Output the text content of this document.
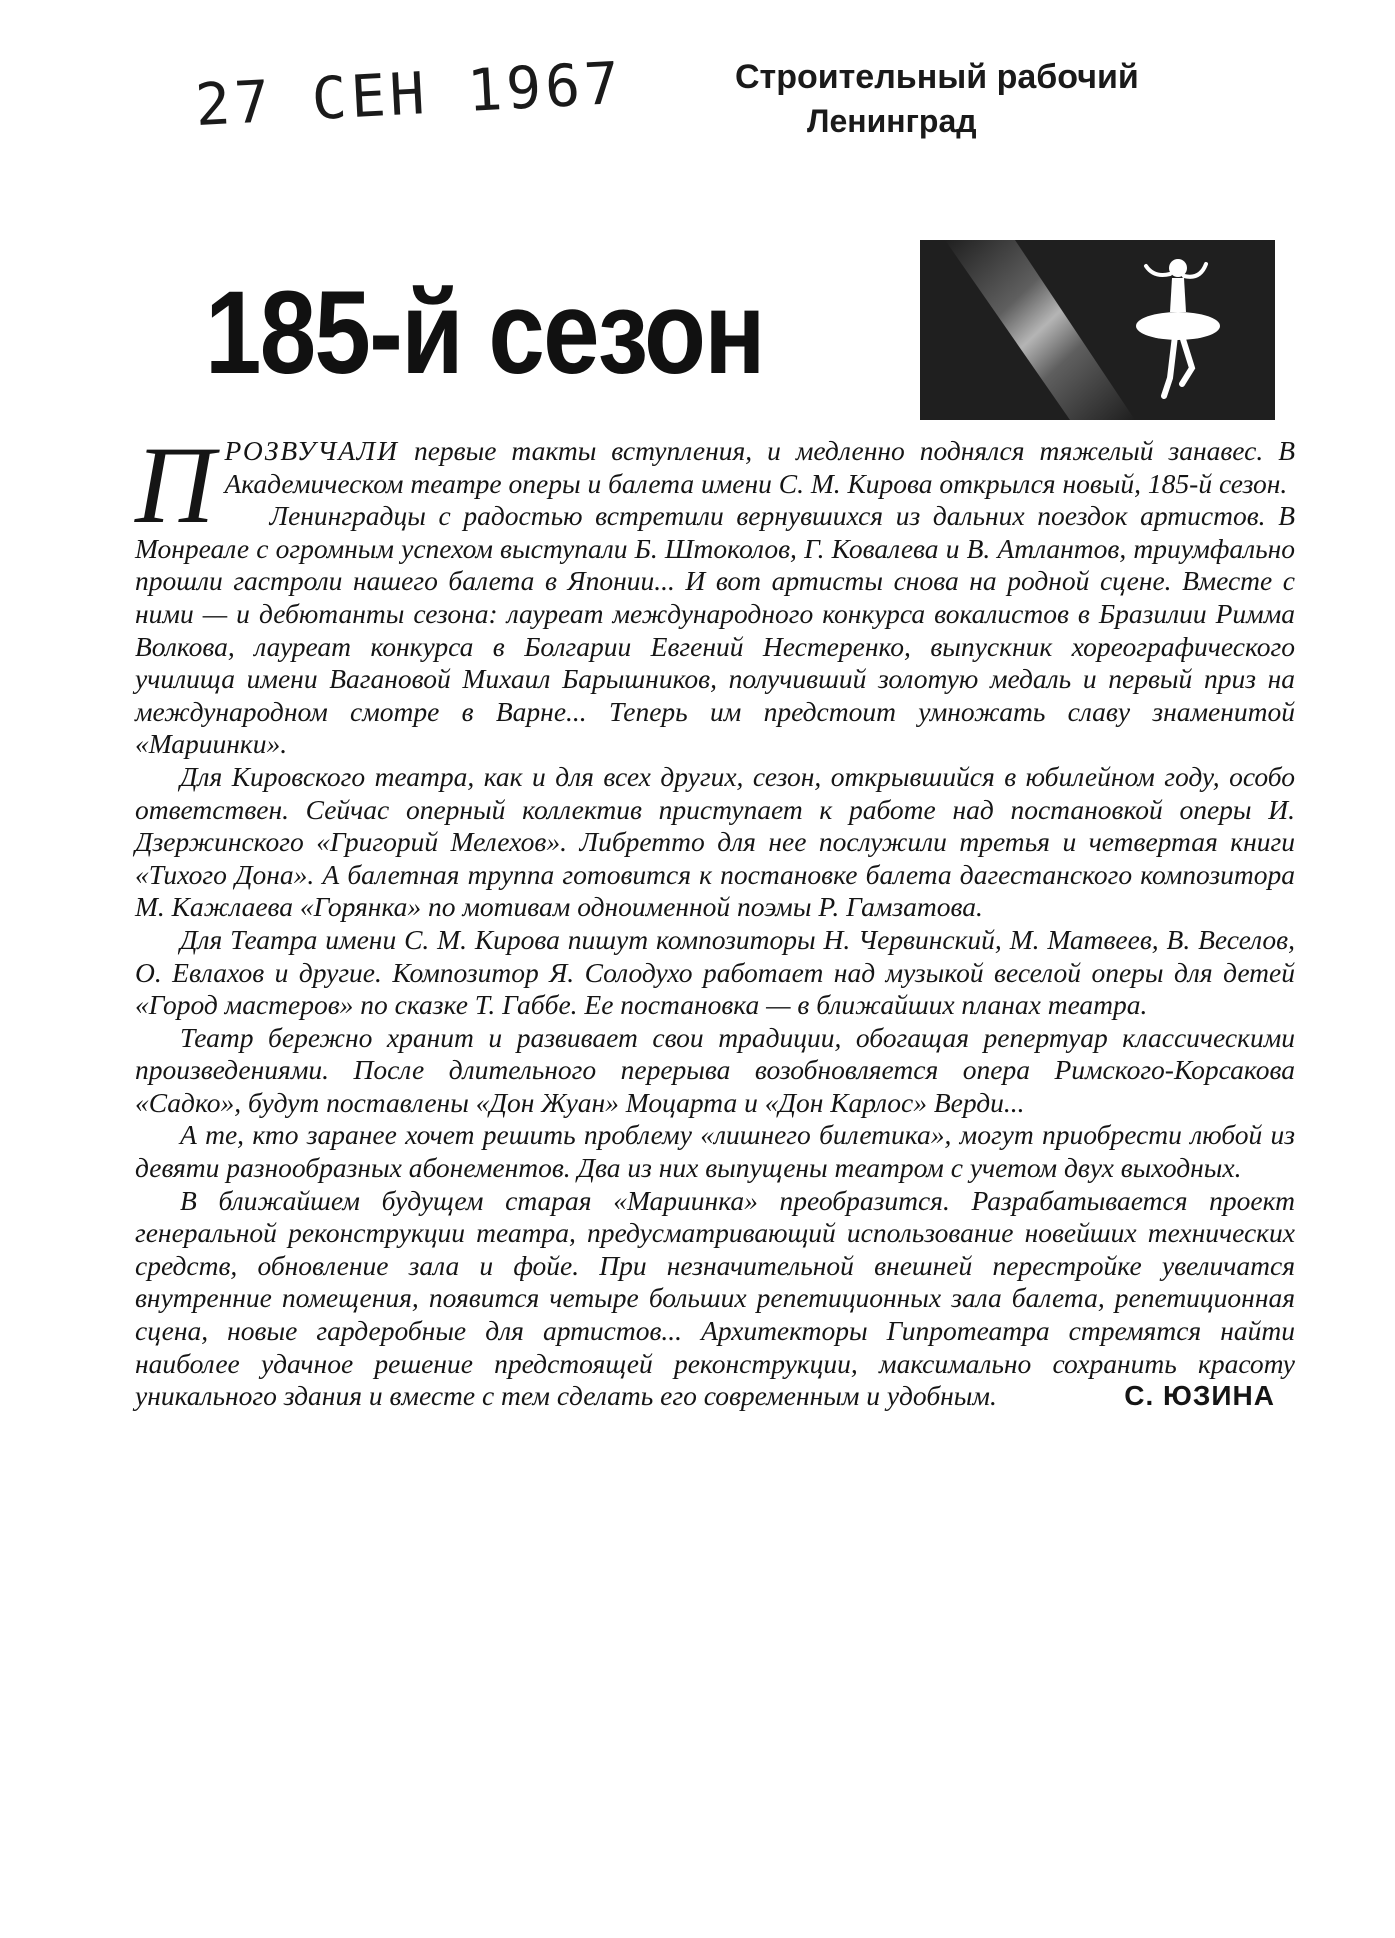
27 СЕН 1967	Строительный рабочий
Ленинград
185-й сезон

ПРОЗВУЧАЛИ первые такты вступления, и медленно поднялся тяжелый занавес. В Академическом театре оперы и балета имени С. М. Кирова открылся новый, 185-й сезон.

Ленинградцы с радостью встретили вернувшихся из дальних поездок артистов. В Монреале с огромным успехом выступали Б. Штоколов, Г. Ковалева и В. Атлантов, триумфально прошли гастроли нашего балета в Японии... И вот артисты снова на родной сцене. Вместе с ними — и дебютанты сезона: лауреат международного конкурса вокалистов в Бразилии Римма Волкова, лауреат конкурса в Болгарии Евгений Нестеренко, выпускник хореографического училища имени Вагановой Михаил Барышников, получивший золотую медаль и первый приз на международном смотре в Варне... Теперь им предстоит умножать славу знаменитой «Мариинки».

Для Кировского театра, как и для всех других, сезон, открывшийся в юбилейном году, особо ответствен. Сейчас оперный коллектив приступает к работе над постановкой оперы И. Дзержинского «Григорий Мелехов». Либретто для нее послужили третья и четвертая книги «Тихого Дона». А балетная труппа готовится к постановке балета дагестанского композитора М. Кажлаева «Горянка» по мотивам одноименной поэмы Р. Гамзатова.

Для Театра имени С. М. Кирова пишут композиторы Н. Червинский, М. Матвеев, В. Веселов, О. Евлахов и другие. Композитор Я. Солодухо работает над музыкой веселой оперы для детей «Город мастеров» по сказке Т. Габбе. Ее постановка — в ближайших планах театра.

Театр бережно хранит и развивает свои традиции, обогащая репертуар классическими произведениями. После длительного перерыва возобновляется опера Римского-Корсакова «Садко», будут поставлены «Дон Жуан» Моцарта и «Дон Карлос» Верди...

А те, кто заранее хочет решить проблему «лишнего билетика», могут приобрести любой из девяти разнообразных абонементов. Два из них выпущены театром с учетом двух выходных.

В ближайшем будущем старая «Мариинка» преобразится. Разрабатывается проект генеральной реконструкции театра, предусматривающий использование новейших технических средств, обновление зала и фойе. При незначительной внешней перестройке увеличатся внутренние помещения, появится четыре больших репетиционных зала балета, репетиционная сцена, новые гардеробные для артистов... Архитекторы Гипротеатра стремятся найти наиболее удачное решение предстоящей реконструкции, максимально сохранить красоту уникального здания и вместе с тем сделать его современным и удобным.	С. ЮЗИНА
